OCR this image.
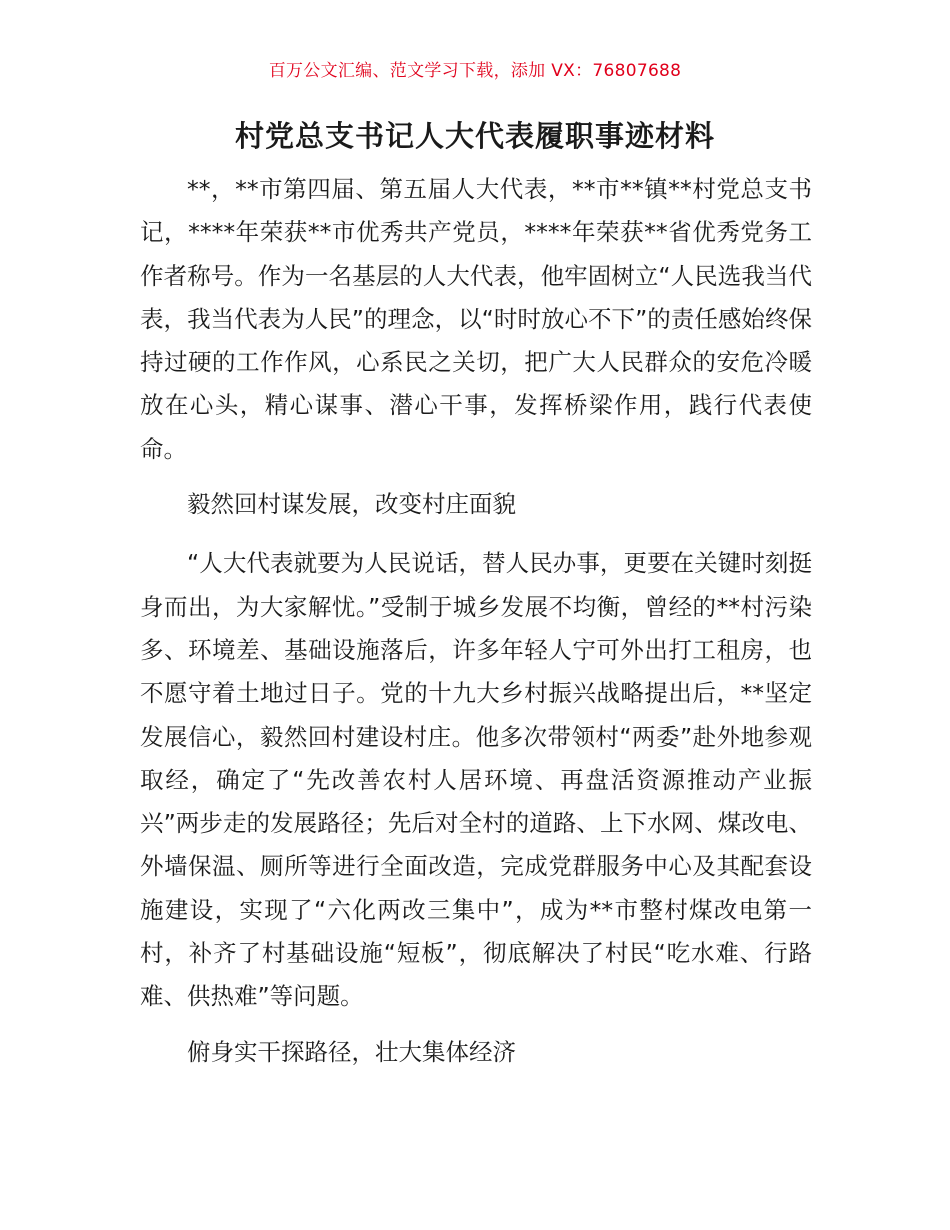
百万公文汇编、范文学习下载，添加 VX：76807688
村党总支书记人大代表履职事迹材料

**，**市第四届、第五届人大代表，**市**镇**村党总支书记，****年荣获**市优秀共产党员，****年荣获**省优秀党务工作者称号。作为一名基层的人大代表，他牢固树立“人民选我当代表，我当代表为人民”的理念，以“时时放心不下”的责任感始终保持过硬的工作作风，心系民之关切，把广大人民群众的安危冷暖放在心头，精心谋事、潜心干事，发挥桥梁作用，践行代表使命。

毅然回村谋发展，改变村庄面貌

“人大代表就要为人民说话，替人民办事，更要在关键时刻挺身而出，为大家解忧。”受制于城乡发展不均衡，曾经的**村污染多、环境差、基础设施落后，许多年轻人宁可外出打工租房，也不愿守着土地过日子。党的十九大乡村振兴战略提出后，**坚定发展信心，毅然回村建设村庄。他多次带领村“两委”赴外地参观取经，确定了“先改善农村人居环境、再盘活资源推动产业振兴”两步走的发展路径；先后对全村的道路、上下水网、煤改电、外墙保温、厕所等进行全面改造，完成党群服务中心及其配套设施建设，实现了“六化两改三集中”，成为**市整村煤改电第一村，补齐了村基础设施“短板”，彻底解决了村民“吃水难、行路难、供热难”等问题。

俯身实干探路径，壮大集体经济
